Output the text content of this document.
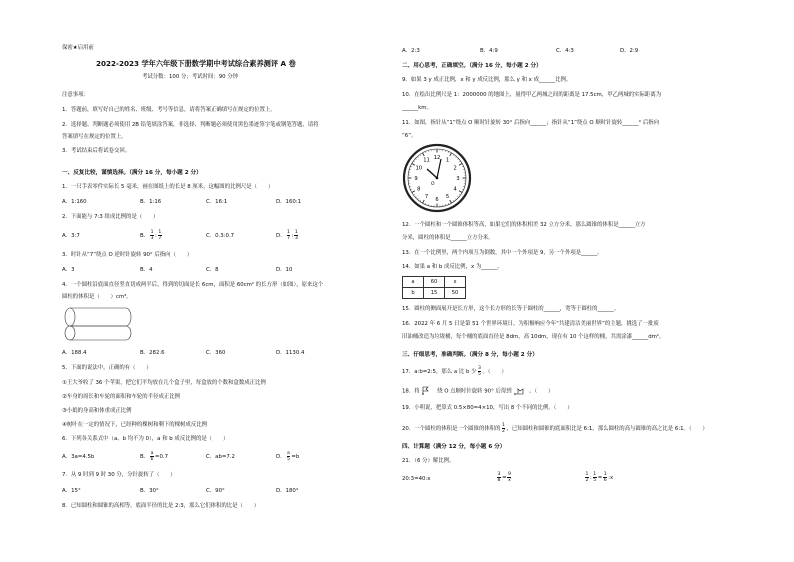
保密★启用前
2022-2023 学年六年级下册数学期中考试综合素养测评 A 卷
考试分数：100 分；考试时间：90 分钟
注意事项：
1．答题前，填写好自己的姓名、班级、考号等信息，请将答案正确填写在规定的位置上。
2．选择题、判断题必须使用 2B 铅笔填涂答案，非选择、判断题必须使用黑色墨迹签字笔或钢笔答题，请将
答案填写在规定的位置上。
3．考试结束后将试卷交回。
一、反复比较，谨慎选择。（满分 16 分，每小题 2 分）
1．一只手表零件实际长 5 毫米，画在图纸上的长是 8 厘米。这幅图的比例尺是（　　）
A．1:160	B．1:16	C．16:1	D．160:1
2．下面能与 7:3 组成比例的是（　　）
A．3:7	B． $\frac{1}{3}$ : $\frac{1}{7}$	C．0.3:0.7	D． $\frac{1}{7}$ : $\frac{1}{3}$
3．时针从“7”绕点 O 逆时针旋转 90° 后指向（　　）
A．3	B．4	C．8	D．10
4．一个圆柱沿底面直径竖直切成两半后，得到的切面是长 6cm，面积是 60cm² 的长方形（如图），原来这个
圆柱的体积是（　　）cm³。
A．188.4	B．282.6	C．360	D．1130.4
5．下面的说法中，正确的有（　　）
①王大爷收了 36 个苹果，把它们平均放在几个盒子里，每盒放的个数和盒数成正比例
②车身的周长和车轮的面积和车轮的半径成正比例
③小娟的身高和体重成正比例
④树叶在一定的情况下，已经种的棵树和剩下的棵树成反比例
6．下列各关系式中（a、b 均不为 0），a 和 b 成反比例的是（　　）
A．3a=4.5b	B． $\frac{a}{b} =0.7$	C．ab=7.2	D． $\frac{a}{5} =b$
7．从 9 时到 9 时 30 分，分针旋转了（　　）
A．15°	B．30°	C．90°	D．180°
8．已知圆柱和圆锥的高相等，底面半径的比是 2:3，那么它们体积的比是（　　）
A．2:3	B．4:9	C．4:3	D．2:9
二、用心思考，正确填空。（满分 16 分，每小题 2 分）
9．如果 3 y 成正比例，x 和 y 成反比例，那么 y 和 x 成______比例。
10．在绘出比例尺是 1：2000000 的地图上，量得甲乙两城之间的距离是 17.5cm，甲乙两城的实际距离为
______km。
11．如图，指针从“1”绕点 O 顺时针旋转 30° 后指向______；指针从“1”绕点 O 顺时针旋转______° 后指向
“6”。
12 1
2
3
4
5
6
7
8
9
10
11
O
12．一个圆柱和一个圆锥体积等高，如果它们的体积相差 32 立方分米，那么圆锥的体积是______立方
分米，圆柱的体积是______立方分米。
13．在一个比例里，两个内项互为倒数，其中一个外项是 9，另一个外项是______。
14．如果 a 和 b 成反比例，x 为______。
a	60	x
b	15	50
15．圆柱的侧面展开是长方形，这个长方形的长等于圆柱的______，宽等于圆柱的______。
16．2022 年 6 月 5 日是第 51 个世界环境日，为积极响应今年“共建清洁美丽世界”的主题，挑选了一批废
旧油桶改造为垃圾桶，每个桶的底面直径是 8dm，高 10dm，现在有 10 个这样的桶，共需涂漆______dm²。
三、仔细思考，准确判断。（满分 8 分，每小题 2 分）
17．a:b=2:5，那么 a 比 b 少 $\frac{3}{5}$ 。（　　）
18．将	绕 O 点顺时针旋转 90° 后得到	。（　　）
19．小明说，把算式 0.5×80=4×10，写出 8 个不同的比例。（　　）
20．一个圆柱的体积是一个圆锥的体积的 $\frac{1}{2}$ ，已知圆柱和圆锥的底面积比是 6:1，那么圆柱的高与圆锥的高之比是 6:1。（　　）
四、计算题（满分 12 分，每小题 6 分）
21．（6 分）解比例。
20:3=40:x	$\frac{3}{8} = \frac{9}{x}$	$\frac{1}{2}$ : $\frac{1}{5} = \frac{1}{6}$ :x
